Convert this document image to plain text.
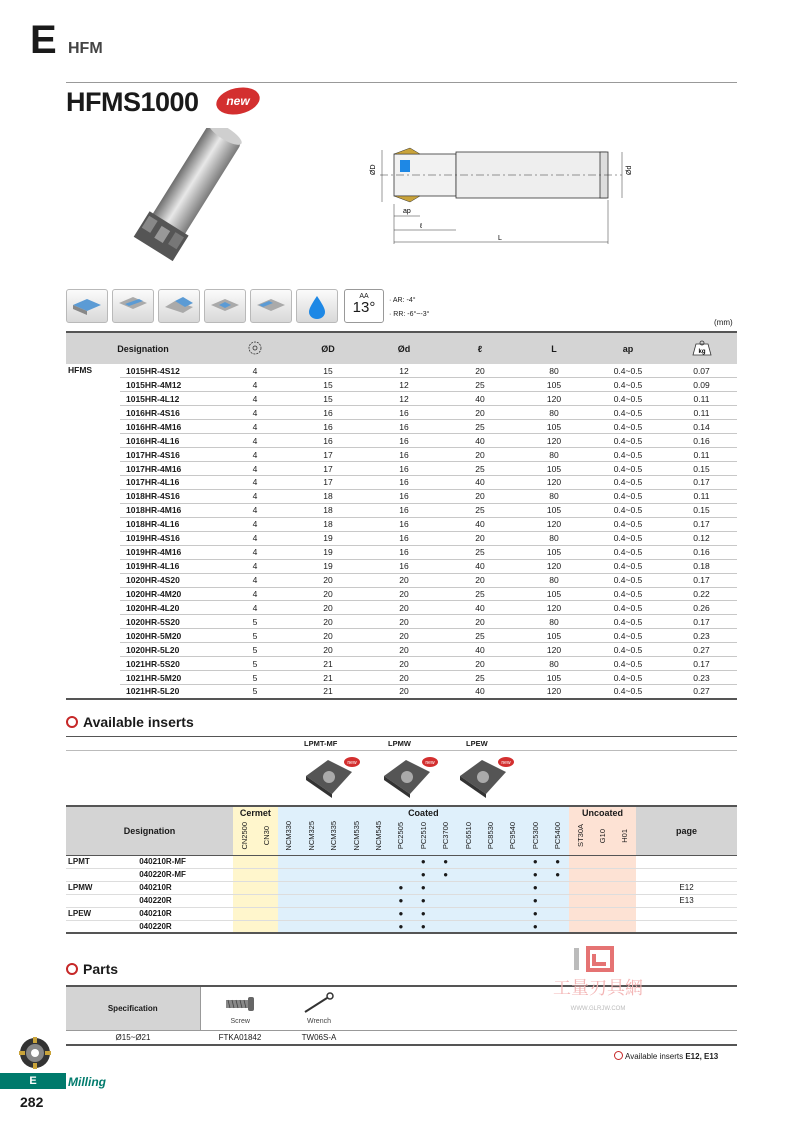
E HFM
HFMS1000 new
ØD	Ød
ap
ℓ
L
AA
13°	· AR: -4°
· RR: -6°~-3°
(mm)
Designation			ØD	Ød	ℓ	L	ap	kg

HFMS	1015HR-4S12	4	15	12	20	80	0.4~0.5	0.07
	1015HR-4M12	4	15	12	25	105	0.4~0.5	0.09
	1015HR-4L12	4	15	12	40	120	0.4~0.5	0.11
	1016HR-4S16	4	16	16	20	80	0.4~0.5	0.11
	1016HR-4M16	4	16	16	25	105	0.4~0.5	0.14
	1016HR-4L16	4	16	16	40	120	0.4~0.5	0.16
	1017HR-4S16	4	17	16	20	80	0.4~0.5	0.11
	1017HR-4M16	4	17	16	25	105	0.4~0.5	0.15
	1017HR-4L16	4	17	16	40	120	0.4~0.5	0.17
	1018HR-4S16	4	18	16	20	80	0.4~0.5	0.11
	1018HR-4M16	4	18	16	25	105	0.4~0.5	0.15
	1018HR-4L16	4	18	16	40	120	0.4~0.5	0.17
	1019HR-4S16	4	19	16	20	80	0.4~0.5	0.12
	1019HR-4M16	4	19	16	25	105	0.4~0.5	0.16
	1019HR-4L16	4	19	16	40	120	0.4~0.5	0.18
	1020HR-4S20	4	20	20	20	80	0.4~0.5	0.17
	1020HR-4M20	4	20	20	25	105	0.4~0.5	0.22
	1020HR-4L20	4	20	20	40	120	0.4~0.5	0.26
	1020HR-5S20	5	20	20	20	80	0.4~0.5	0.17
	1020HR-5M20	5	20	20	25	105	0.4~0.5	0.23
	1020HR-5L20	5	20	20	40	120	0.4~0.5	0.27
	1021HR-5S20	5	21	20	20	80	0.4~0.5	0.17
	1021HR-5M20	5	21	20	25	105	0.4~0.5	0.23
	1021HR-5L20	5	21	20	40	120	0.4~0.5	0.27
Available inserts
LPMT-MF	LPMW	LPEW
new	new	new
Designation		Cermet		Coated													Uncoated			page
		CN2500	CN30	NCM330	NCM325	NCM335	NCM535	NCM545	PC2505	PC2510	PC3700	PC6510	PC8530	PC9540	PC5300	PC5400	ST30A	G10	H01	
LPMT	040210R-MF									●	●				●	●				
	040220R-MF									●	●				●	●				
LPMW	040210R								●	●					●					E12
	040220R								●	●					●					E13
LPEW	040210R								●	●					●					
	040220R								●	●					●					
Parts
Specification	Screw	Wrench	

Ø15~Ø21	FTKA01842	TW06S-A	
Available inserts E12, E13
工量刃具網
WWW.GLRJW.COM
E	Milling
282
